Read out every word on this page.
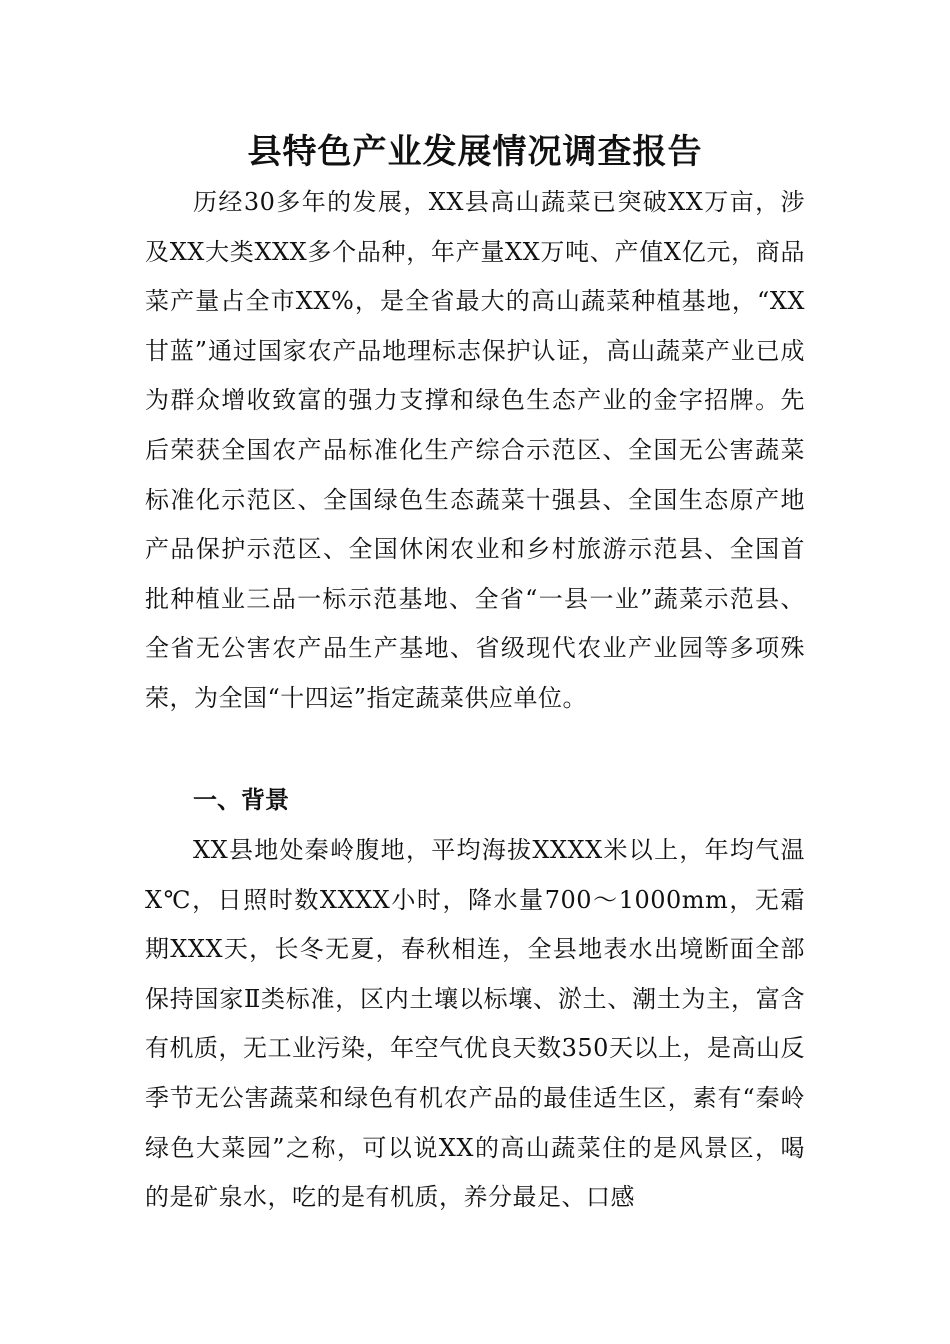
县特色产业发展情况调查报告

历经30多年的发展，XX县高山蔬菜已突破XX万亩，涉及XX大类XXX多个品种，年产量XX万吨、产值X亿元，商品菜产量占全市XX%，是全省最大的高山蔬菜种植基地，“XX甘蓝”通过国家农产品地理标志保护认证，高山蔬菜产业已成为群众增收致富的强力支撑和绿色生态产业的金字招牌。先后荣获全国农产品标准化生产综合示范区、全国无公害蔬菜标准化示范区、全国绿色生态蔬菜十强县、全国生态原产地产品保护示范区、全国休闲农业和乡村旅游示范县、全国首批种植业三品一标示范基地、全省“一县一业”蔬菜示范县、全省无公害农产品生产基地、省级现代农业产业园等多项殊荣，为全国“十四运”指定蔬菜供应单位。

一、背景

XX县地处秦岭腹地，平均海拔XXXX米以上，年均气温X℃，日照时数XXXX小时，降水量700～1000mm，无霜期XXX天，长冬无夏，春秋相连，全县地表水出境断面全部保持国家Ⅱ类标准，区内土壤以标壤、淤土、潮土为主，富含有机质，无工业污染，年空气优良天数350天以上，是高山反季节无公害蔬菜和绿色有机农产品的最佳适生区，素有“秦岭绿色大菜园”之称，可以说XX的高山蔬菜住的是风景区，喝的是矿泉水，吃的是有机质，养分最足、口感
